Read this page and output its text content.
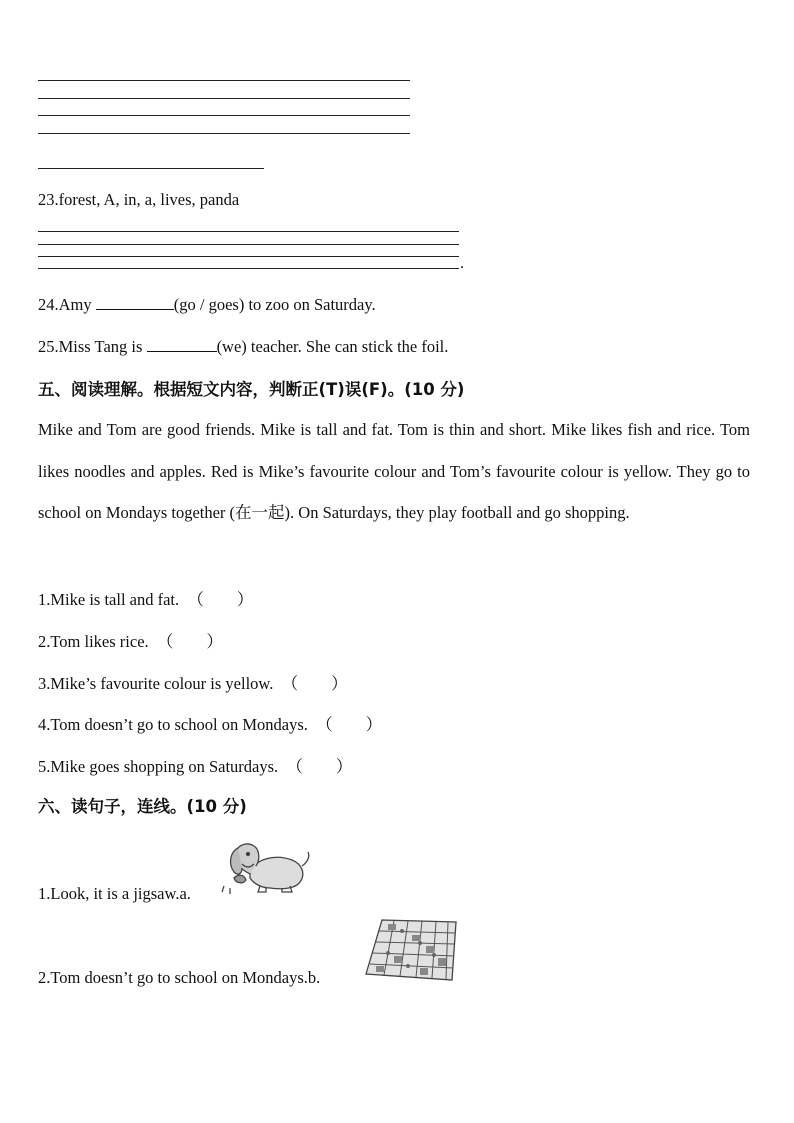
23.forest, A, in, a, lives, panda
.
24.Amy	(go / goes) to zoo on Saturday.
25.Miss Tang is	(we) teacher. She can stick the foil.
五、阅读理解。根据短文内容，判断正(T)误(F)。(10 分)
Mike and Tom are good friends. Mike is tall and fat. Tom is thin and short. Mike likes fish and rice. Tom likes noodles and apples. Red is Mike’s favourite colour and Tom’s favourite colour is yellow. They go to school on Mondays together (在一起). On Saturdays, they play football and go shopping.
1.Mike is tall and fat. （　　）
2.Tom likes rice. （　　）
3.Mike’s favourite colour is yellow. （　　）
4.Tom doesn’t go to school on Mondays. （　　）
5.Mike goes shopping on Saturdays. （　　）
六、读句子，连线。(10 分)
1.Look, it is a jigsaw.a.
2.Tom doesn’t go to school on Mondays.b.
